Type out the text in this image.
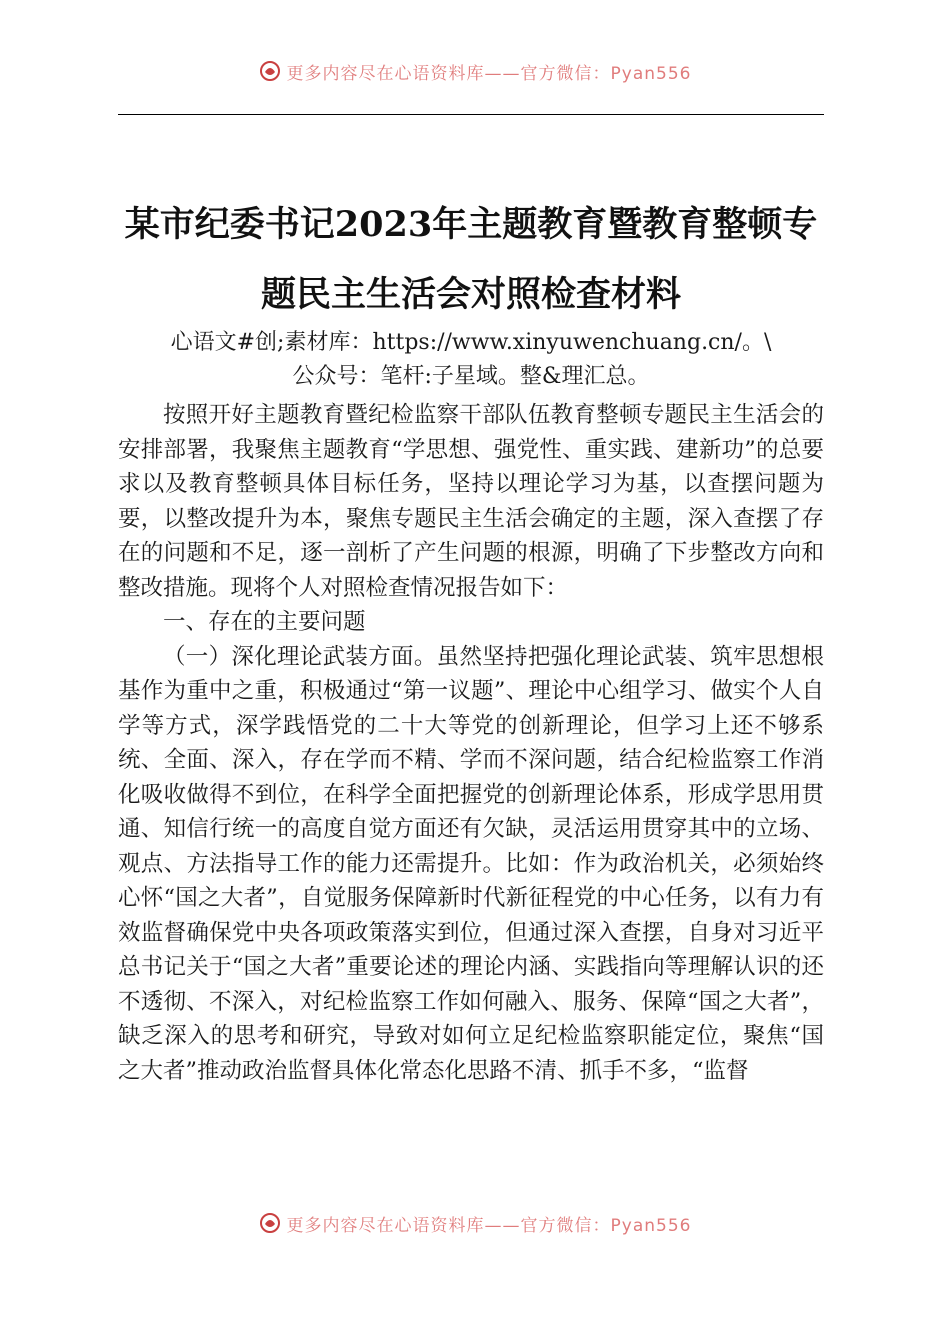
更多内容尽在心语资料库——官方微信：Pyan556
某市纪委书记2023年主题教育暨教育整顿专
题民主生活会对照检查材料
心语文#创;素材库：https://www.xinyuwenchuang.cn/。\
公众号：笔杆:子星域。整&理汇总。

按照开好主题教育暨纪检监察干部队伍教育整顿专题民主生活会的安排部署，我聚焦主题教育“学思想、强党性、重实践、建新功”的总要求以及教育整顿具体目标任务，坚持以理论学习为基，以查摆问题为要，以整改提升为本，聚焦专题民主生活会确定的主题，深入查摆了存在的问题和不足，逐一剖析了产生问题的根源，明确了下步整改方向和整改措施。现将个人对照检查情况报告如下：

一、存在的主要问题

（一）深化理论武装方面。虽然坚持把强化理论武装、筑牢思想根基作为重中之重，积极通过“第一议题”、理论中心组学习、做实个人自学等方式，深学践悟党的二十大等党的创新理论，但学习上还不够系统、全面、深入，存在学而不精、学而不深问题，结合纪检监察工作消化吸收做得不到位，在科学全面把握党的创新理论体系，形成学思用贯通、知信行统一的高度自觉方面还有欠缺，灵活运用贯穿其中的立场、观点、方法指导工作的能力还需提升。比如：作为政治机关，必须始终心怀“国之大者”，自觉服务保障新时代新征程党的中心任务，以有力有效监督确保党中央各项政策落实到位，但通过深入查摆，自身对习近平总书记关于“国之大者”重要论述的理论内涵、实践指向等理解认识的还不透彻、不深入，对纪检监察工作如何融入、服务、保障“国之大者”，缺乏深入的思考和研究，导致对如何立足纪检监察职能定位，聚焦“国之大者”推动政治监督具体化常态化思路不清、抓手不多，“监督

更多内容尽在心语资料库——官方微信：Pyan556
